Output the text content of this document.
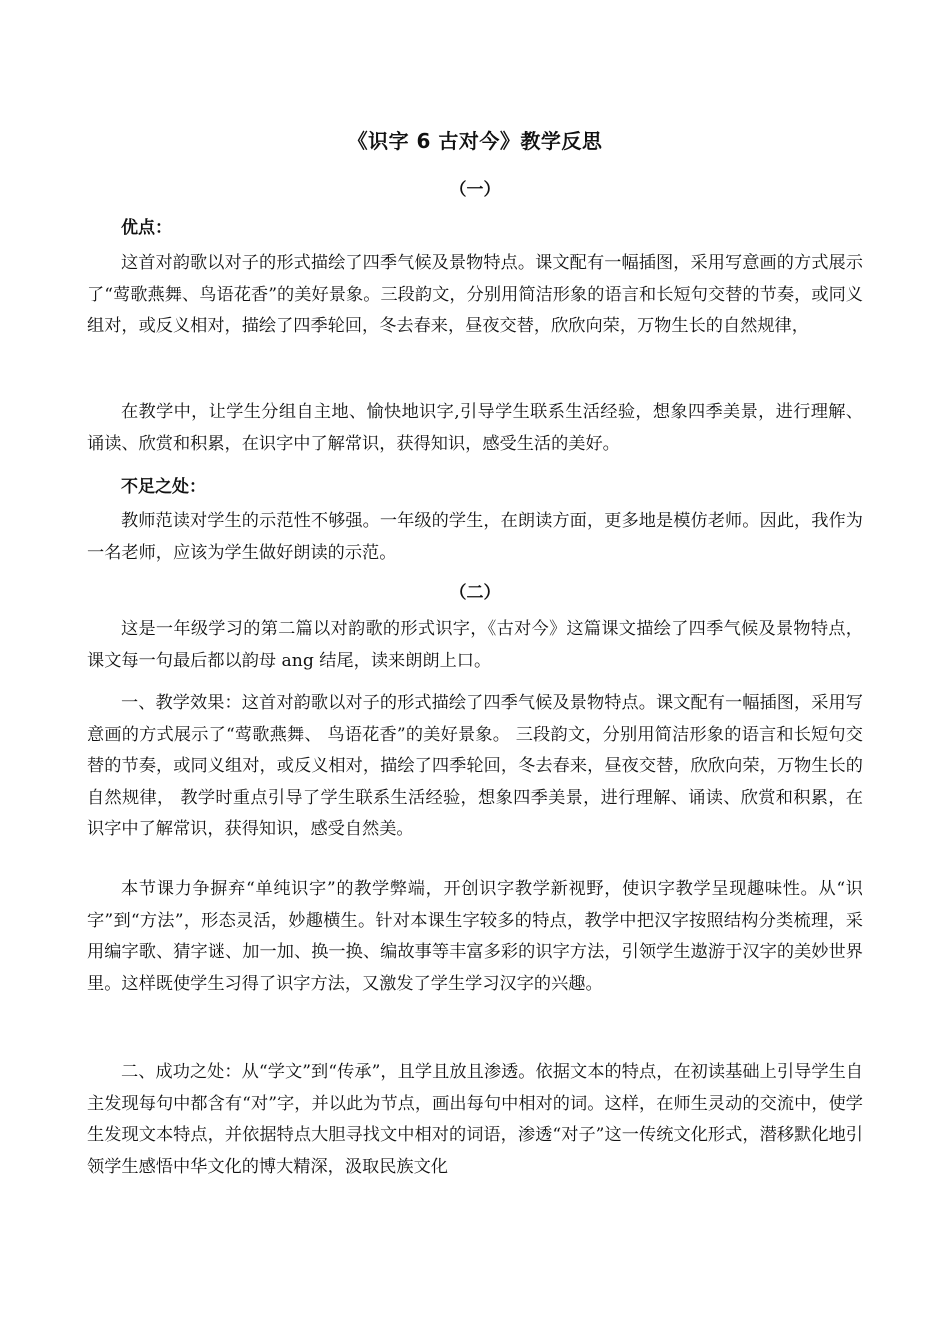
《识字 6 古对今》教学反思
（一）
优点：

这首对韵歌以对子的形式描绘了四季气候及景物特点。课文配有一幅插图，采用写意画的方式展示了“莺歌燕舞、鸟语花香”的美好景象。三段韵文，分别用简洁形象的语言和长短句交替的节奏，或同义组对，或反义相对，描绘了四季轮回，冬去春来，昼夜交替，欣欣向荣，万物生长的自然规律，

在教学中，让学生分组自主地、愉快地识字,引导学生联系生活经验，想象四季美景，进行理解、诵读、欣赏和积累，在识字中了解常识，获得知识，感受生活的美好。

不足之处：

教师范读对学生的示范性不够强。一年级的学生，在朗读方面，更多地是模仿老师。因此，我作为一名老师，应该为学生做好朗读的示范。

（二）

这是一年级学习的第二篇以对韵歌的形式识字，《古对今》这篇课文描绘了四季气候及景物特点，课文每一句最后都以韵母 ang 结尾，读来朗朗上口。

一、教学效果：这首对韵歌以对子的形式描绘了四季气候及景物特点。课文配有一幅插图，采用写意画的方式展示了“莺歌燕舞、 鸟语花香”的美好景象。 三段韵文，分别用简洁形象的语言和长短句交替的节奏，或同义组对，或反义相对，描绘了四季轮回，冬去春来，昼夜交替，欣欣向荣，万物生长的自然规律， 教学时重点引导了学生联系生活经验，想象四季美景，进行理解、诵读、欣赏和积累，在识字中了解常识，获得知识，感受自然美。

本节课力争摒弃“单纯识字”的教学弊端，开创识字教学新视野，使识字教学呈现趣味性。从“识字”到“方法”，形态灵活，妙趣横生。针对本课生字较多的特点，教学中把汉字按照结构分类梳理，采用编字歌、猜字谜、加一加、换一换、编故事等丰富多彩的识字方法，引领学生遨游于汉字的美妙世界里。这样既使学生习得了识字方法，又激发了学生学习汉字的兴趣。

二、成功之处：从“学文”到“传承”，且学且放且渗透。依据文本的特点，在初读基础上引导学生自主发现每句中都含有“对”字，并以此为节点，画出每句中相对的词。这样，在师生灵动的交流中，使学生发现文本特点，并依据特点大胆寻找文中相对的词语，渗透“对子”这一传统文化形式，潜移默化地引领学生感悟中华文化的博大精深，汲取民族文化
